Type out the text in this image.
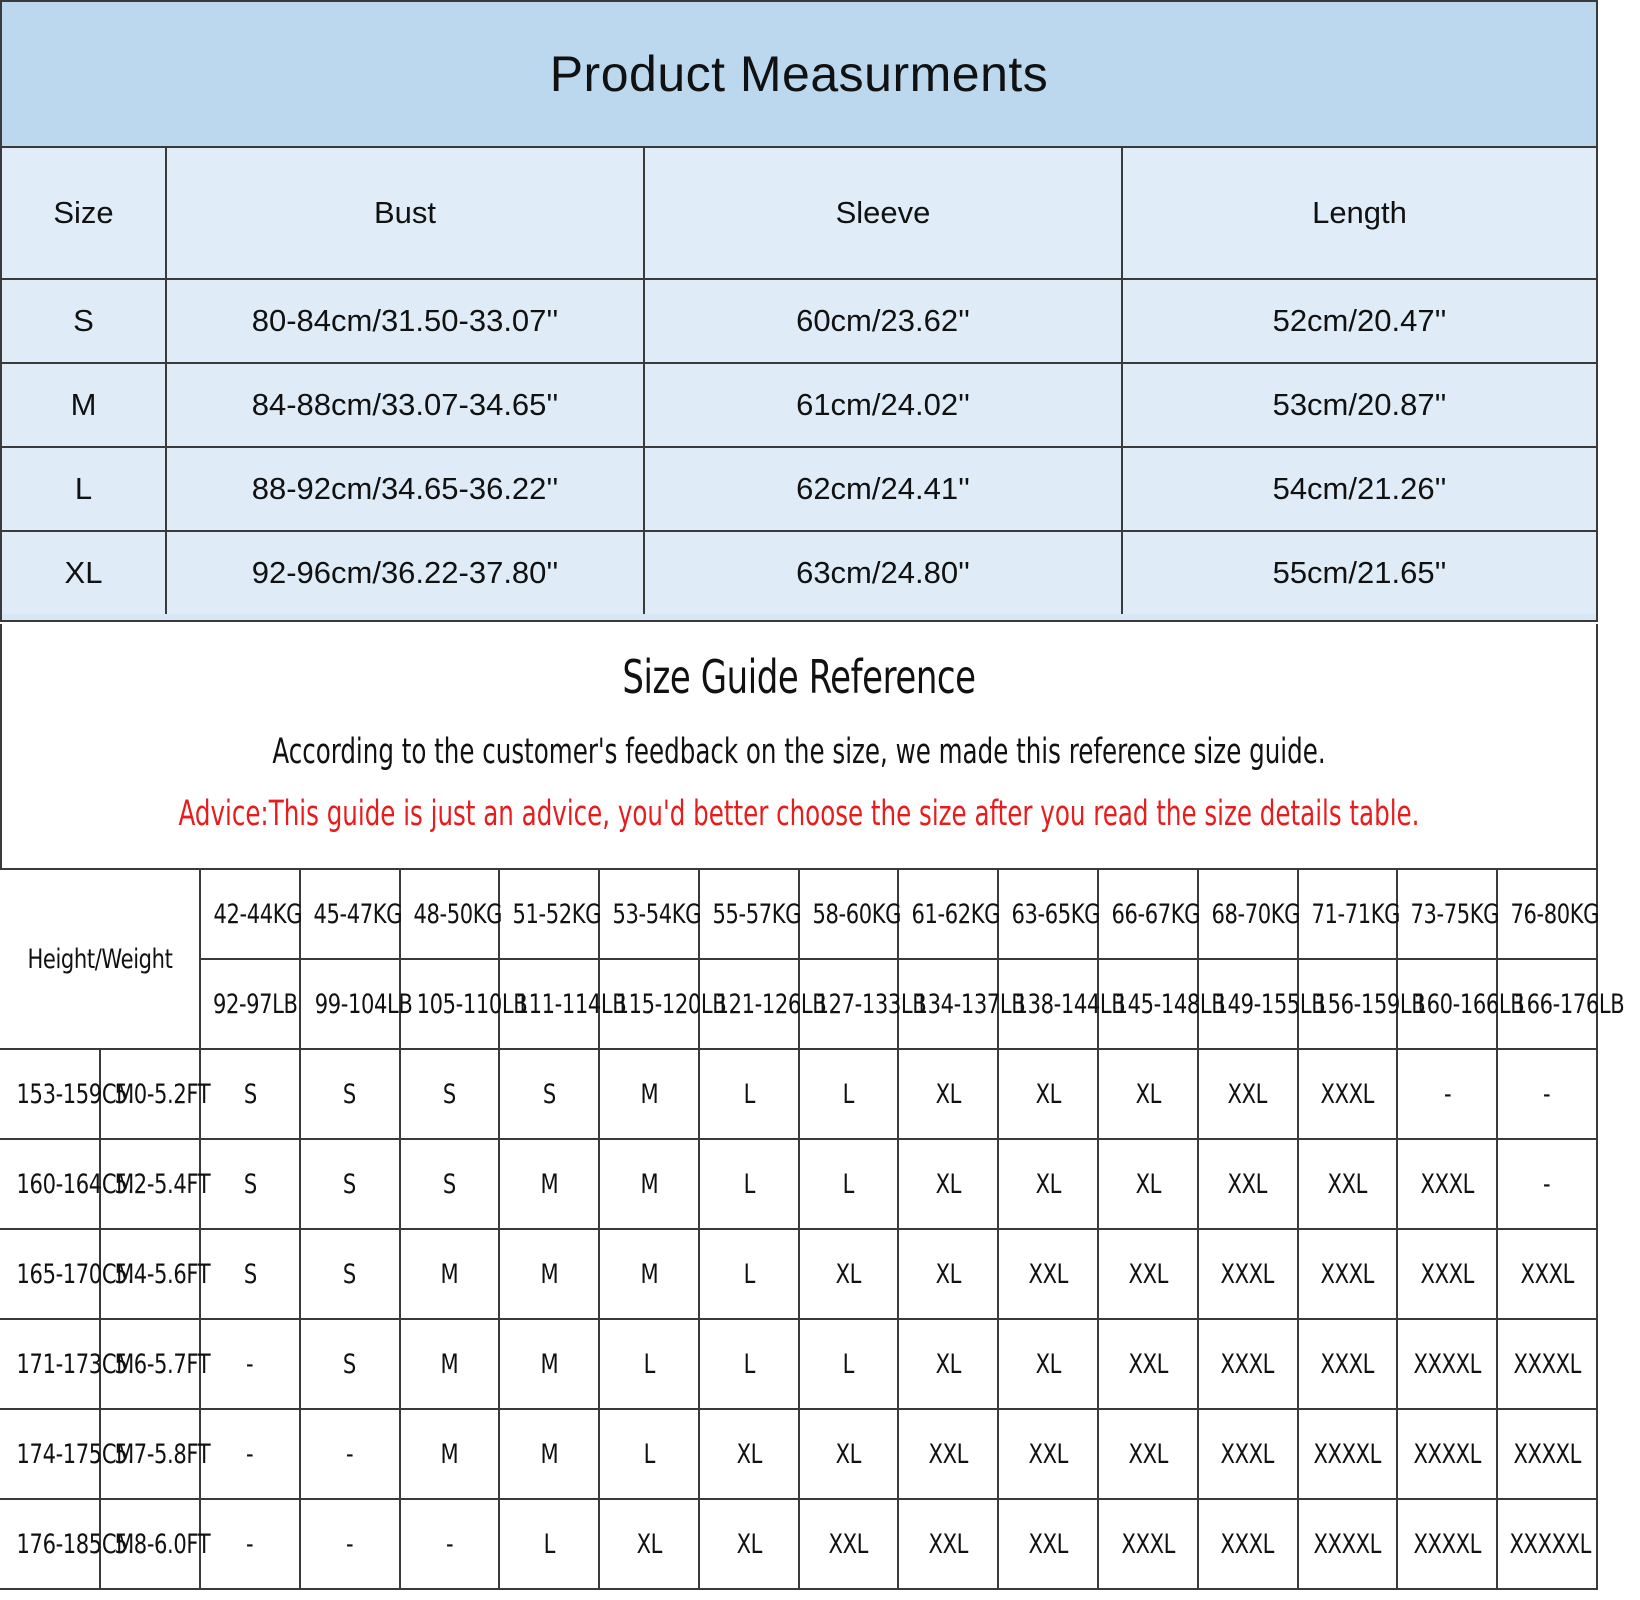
Product Measurments
Size	Bust	Sleeve	Length
S	80-84cm/31.50-33.07''	60cm/23.62''	52cm/20.47''
M	84-88cm/33.07-34.65''	61cm/24.02''	53cm/20.87''
L	88-92cm/34.65-36.22''	62cm/24.41''	54cm/21.26''
XL	92-96cm/36.22-37.80''	63cm/24.80''	55cm/21.65''
Size Guide Reference
According to the customer's feedback on the size, we made this reference size guide.
Advice:This guide is just an advice, you'd better choose the size after you read the size details table.
Height/Weight		42-44KG	45-47KG	48-50KG	51-52KG	53-54KG	55-57KG	58-60KG	61-62KG	63-65KG	66-67KG	68-70KG	71-71KG	73-75KG	76-80KG
		92-97LB	99-104LB	105-110LB	111-114LB	115-120LB	121-126LB	127-133LB	134-137LB	138-144LB	145-148LB	149-155LB	156-159LB	160-166LB	166-176LB
153-159CM	5.0-5.2FT	S	S	S	S	M	L	L	XL	XL	XL	XXL	XXXL	-	-
160-164CM	5.2-5.4FT	S	S	S	M	M	L	L	XL	XL	XL	XXL	XXL	XXXL	-
165-170CM	5.4-5.6FT	S	S	M	M	M	L	XL	XL	XXL	XXL	XXXL	XXXL	XXXL	XXXL
171-173CM	5.6-5.7FT	-	S	M	M	L	L	L	XL	XL	XXL	XXXL	XXXL	XXXXL	XXXXL
174-175CM	5.7-5.8FT	-	-	M	M	L	XL	XL	XXL	XXL	XXL	XXXL	XXXXL	XXXXL	XXXXL
176-185CM	5.8-6.0FT	-	-	-	L	XL	XL	XXL	XXL	XXL	XXXL	XXXL	XXXXL	XXXXL	XXXXXL
